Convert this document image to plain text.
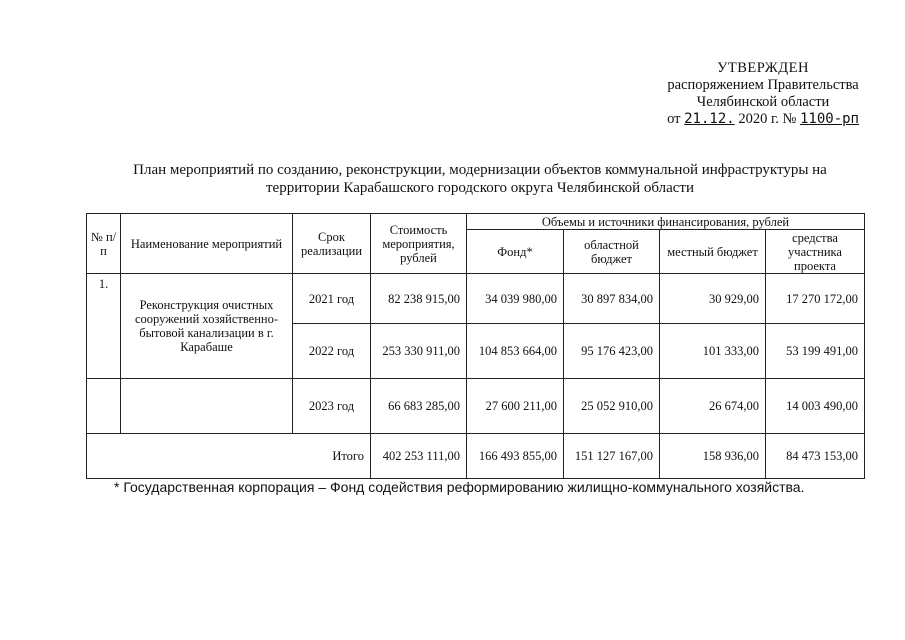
УТВЕРЖДЕН
распоряжением Правительства
Челябинской области
от 21.12. 2020 г. № 1100-рп
План мероприятий по созданию, реконструкции, модернизации объектов коммунальной инфраструктуры на
территории Карабашского городского округа Челябинской области
№ п/п	Наименование мероприятий	Срок реализации	Стоимость мероприятия, рублей	Объемы и источники финансирования, рублей			
				Фонд*	областной бюджет	местный бюджет	средства участника проекта
1.	Реконструкция очистных сооружений хозяйственно-бытовой канализации в г. Карабаше	2021 год	82 238 915,00	34 039 980,00	30 897 834,00	30 929,00	17 270 172,00
		2022 год	253 330 911,00	104 853 664,00	95 176 423,00	101 333,00	53 199 491,00
		2023 год	66 683 285,00	27 600 211,00	25 052 910,00	26 674,00	14 003 490,00
Итого			402 253 111,00	166 493 855,00	151 127 167,00	158 936,00	84 473 153,00
* Государственная корпорация – Фонд содействия реформированию жилищно-коммунального хозяйства.
